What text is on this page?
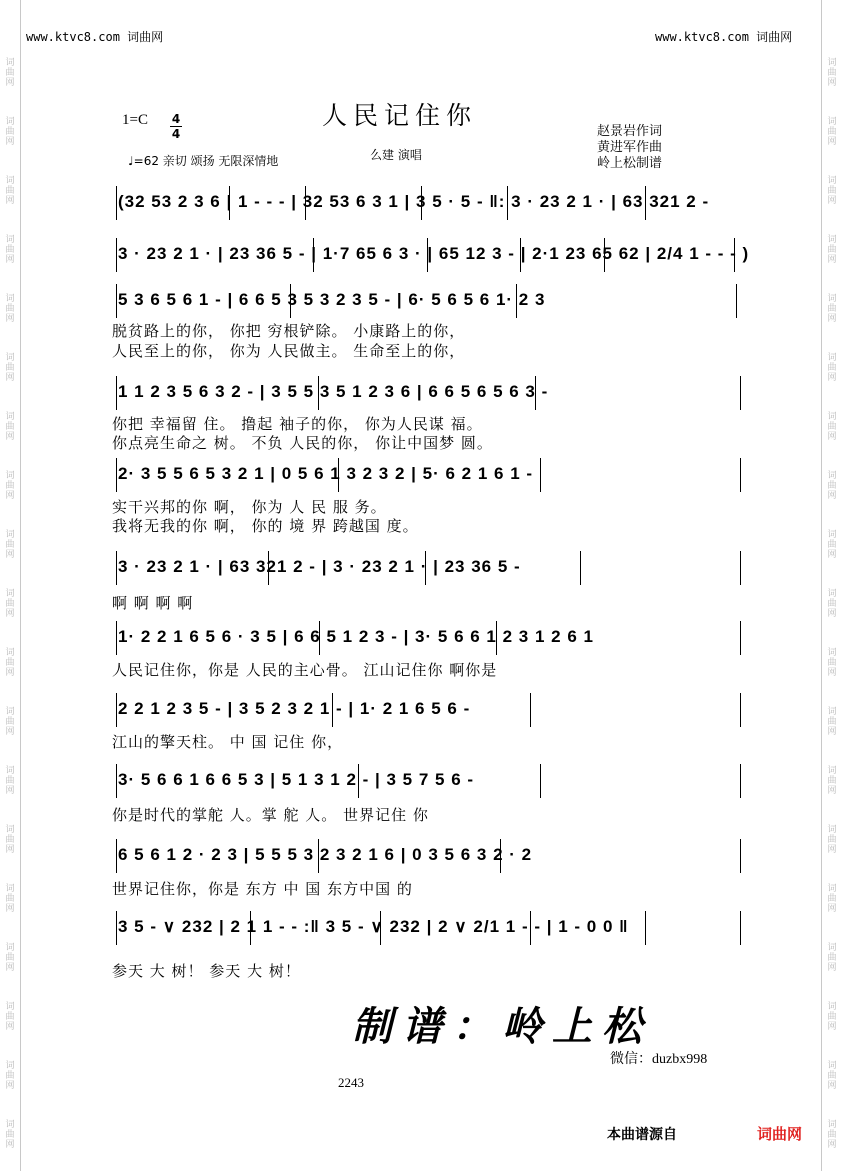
词
曲
网
词
曲
网
词
曲
网
词
曲
网
词
曲
网
词
曲
网
词
曲
网
词
曲
网
词
曲
网
词
曲
网
词
曲
网
词
曲
网
词
曲
网
词
曲
网
词
曲
网
词
曲
网
词
曲
网
词
曲
网
词
曲
网
词
曲
网
词
曲
网
词
曲
网
词
曲
网
词
曲
网
词
曲
网
词
曲
网
词
曲
网
词
曲
网
词
曲
网
词
曲
网
词
曲
网
词
曲
网
词
曲
网
词
曲
网
词
曲
网
词
曲
网
词
曲
网
词
曲
网
www.ktvc8.com 词曲网	www.ktvc8.com 词曲网
1=C 4
4
人民记住你
♩=62 亲切 颂扬 无限深情地	么建 演唱
赵景岩作词
黄进军作曲
岭上松制谱
(32 53 2 3 6 | 1 - - - | 32 53 6 3 1 | 3 5 · 5 - ‖: 3 · 23 2 1 · | 63 321 2 -
3 · 23 2 1 · | 23 36 5 - | 1·7 65 6 3 · | 65 12 3 - | 2·1 23 65 62 | 2/4 1 - - - )
5 3 6 5 6 1 - | 6 6 5 3 5 3 2 3 5 - | 6· 5 6 5 6 1· 2 3
脱贫路上的你， 你把 穷根铲除。 小康路上的你，
人民至上的你， 你为 人民做主。 生命至上的你，
1 1 2 3 5 6 3 2 - | 3 5 5 3 5 1 2 3 6 | 6 6 5 6 5 6 3 -
你把 幸福留 住。 撸起 袖子的你， 你为人民谋 福。
你点亮生命之 树。 不负 人民的你， 你让中国梦 圆。
2· 3 5 5 6 5 3 2 1 | 0 5 6 1 3 2 3 2 | 5· 6 2 1 6 1 -
实干兴邦的你 啊， 你为 人 民 服 务。
我将无我的你 啊， 你的 境 界 跨越国 度。
3 · 23 2 1 · | 63 321 2 - | 3 · 23 2 1 · | 23 36 5 -
啊 啊 啊 啊
1· 2 2 1 6 5 6 · 3 5 | 6 6 5 1 2 3 - | 3· 5 6 6 1 2 3 1 2 6 1
人民记住你，你是 人民的主心骨。 江山记住你 啊你是
2 2 1 2 3 5 - | 3 5 2 3 2 1 - | 1· 2 1 6 5 6 -
江山的擎天柱。 中 国 记住 你，
3· 5 6 6 1 6 6 5 3 | 5 1 3 1 2 - | 3 5 7 5 6 -
你是时代的掌舵 人。掌 舵 人。 世界记住 你
6 5 6 1 2 · 2 3 | 5 5 5 3 2 3 2 1 6 | 0 3 5 6 3 2 · 2
世界记住你，你是 东方 中 国 东方中国 的
3 5 - ∨ 232 | 2 1 1 - - :‖ 3 5 - ∨ 232 | 2 ∨ 2/1 1 - - | 1 - 0 0 ‖
参天 大 树！ 参天 大 树！
制谱：岭上松
微信：duzbx998
2243
本曲谱源自	词曲网
